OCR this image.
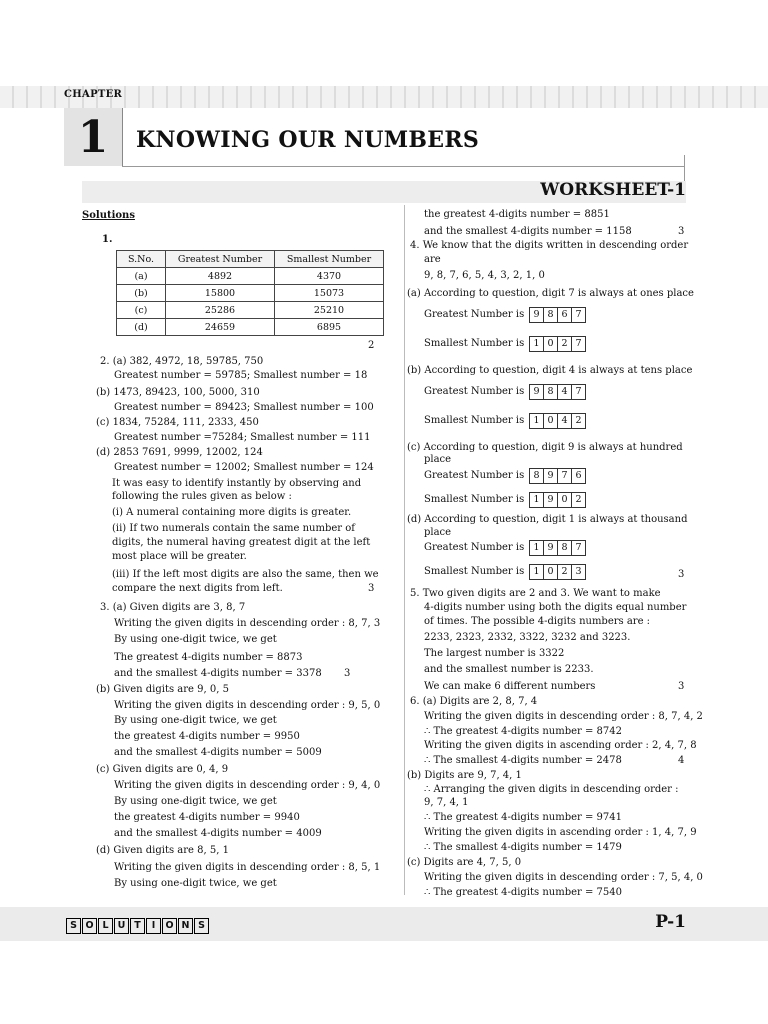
CHAPTER
1	KNOWING OUR NUMBERS
WORKSHEET-1
Solutions
1.
S.No.	Greatest Number	Smallest Number
(a)	4892	4370
(b)	15800	15073
(c)	25286	25210
(d)	24659	6895
2
2. (a) 382, 4972, 18, 59785, 750
Greatest number = 59785; Smallest number = 18
(b) 1473, 89423, 100, 5000, 310
Greatest number = 89423; Smallest number = 100
(c) 1834, 75284, 111, 2333, 450
Greatest number =75284; Smallest number = 111
(d) 2853 7691, 9999, 12002, 124
Greatest number = 12002; Smallest number = 124
It was easy to identify instantly by observing and
following the rules given as below :
(i) A numeral containing more digits is greater.
(ii) If two numerals contain the same number of
digits, the numeral having greatest digit at the left
most place will be greater.
(iii) If the left most digits are also the same, then we
compare the next digits from left.	3
3. (a) Given digits are 3, 8, 7
Writing the given digits in descending order : 8, 7, 3
By using one-digit twice, we get
The greatest 4-digits number = 8873
and the smallest 4-digits number = 3378 3
(b) Given digits are 9, 0, 5
Writing the given digits in descending order : 9, 5, 0
By using one-digit twice, we get
the greatest 4-digits number = 9950
and the smallest 4-digits number = 5009
(c) Given digits are 0, 4, 9
Writing the given digits in descending order : 9, 4, 0
By using one-digit twice, we get
the greatest 4-digits number = 9940
and the smallest 4-digits number = 4009
(d) Given digits are 8, 5, 1
Writing the given digits in descending order : 8, 5, 1
By using one-digit twice, we get
the greatest 4-digits number = 8851
and the smallest 4-digits number = 1158	3
4. We know that the digits written in descending order
are
9, 8, 7, 6, 5, 4, 3, 2, 1, 0
(a) According to question, digit 7 is always at ones place
Greatest Number is
Smallest Number is
(b) According to question, digit 4 is always at tens place
Greatest Number is
Smallest Number is
(c) According to question, digit 9 is always at hundred
place
Greatest Number is
Smallest Number is
(d) According to question, digit 1 is always at thousand
place
Greatest Number is
Smallest Number is	3
5. Two given digits are 2 and 3. We want to make
4-digits number using both the digits equal number
of times. The possible 4-digits numbers are :
2233, 2323, 2332, 3322, 3232 and 3223.
The largest number is 3322
and the smallest number is 2233.
We can make 6 different numbers	3
6. (a) Digits are 2, 8, 7, 4
Writing the given digits in descending order : 8, 7, 4, 2
∴ The greatest 4-digits number = 8742
Writing the given digits in ascending order : 2, 4, 7, 8
∴ The smallest 4-digits number = 2478	4
(b) Digits are 9, 7, 4, 1
∴ Arranging the given digits in descending order :
9, 7, 4, 1
∴ The greatest 4-digits number = 9741
Writing the given digits in ascending order : 1, 4, 7, 9
∴ The smallest 4-digits number = 1479
(c) Digits are 4, 7, 5, 0
Writing the given digits in descending order : 7, 5, 4, 0
∴ The greatest 4-digits number = 7540
9 8 6 7
1 0 2 7
9 8 4 7
1 0 4 2
8 9 7 6
1 9 0 2
1 9 8 7
1 0 2 3
S O L U T	I	O N S	P-1
